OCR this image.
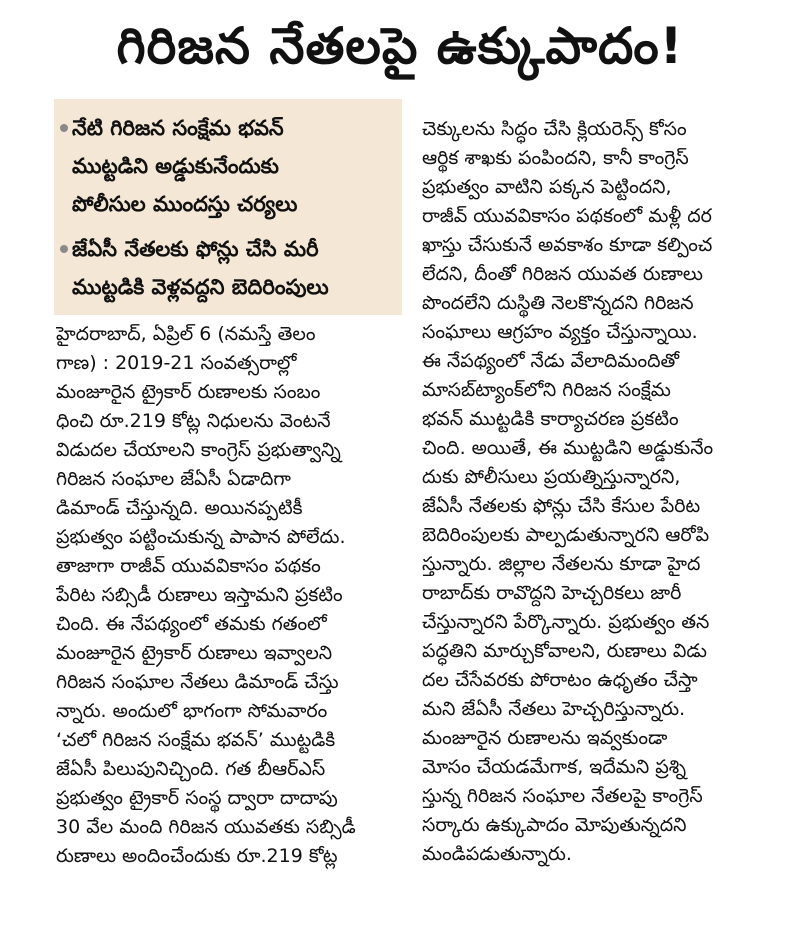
గిరిజన నేతలపై ఉక్కుపాదం!
నేటి గిరిజన సంక్షేమ భవన్
ముట్టడిని అడ్డుకునేందుకు
పోలీసుల ముందస్తు చర్యలు
జేఏసీ నేతలకు ఫోన్లు చేసి మరీ
ముట్టడికి వెళ్లవద్దని బెదిరింపులు
హైదరాబాద్, ఏప్రిల్ 6 (నమస్తే తెలం
గాణ) : 2019-21 సంవత్సరాల్లో
మంజూరైన ట్రైకార్ రుణాలకు సంబం
ధించి రూ.219 కోట్ల నిధులను వెంటనే
విడుదల చేయాలని కాంగ్రెస్ ప్రభుత్వాన్ని
గిరిజన సంఘాల జేఏసీ ఏడాదిగా
డిమాండ్ చేస్తున్నది. అయినప్పటికీ
ప్రభుత్వం పట్టించుకున్న పాపాన పోలేదు.
తాజాగా రాజీవ్ యువవికాసం పథకం
పేరిట సబ్సిడీ రుణాలు ఇస్తామని ప్రకటిం
చింది. ఈ నేపథ్యంలో తమకు గతంలో
మంజూరైన ట్రైకార్ రుణాలు ఇవ్వాలని
గిరిజన సంఘాల నేతలు డిమాండ్ చేస్తు
న్నారు. అందులో భాగంగా సోమవారం
‘చలో గిరిజన సంక్షేమ భవన్’ ముట్టడికి
జేఏసీ పిలుపునిచ్చింది. గత బీఆర్ఎస్
ప్రభుత్వం ట్రైకార్ సంస్థ ద్వారా దాదాపు
30 వేల మంది గిరిజన యువతకు సబ్సిడీ
రుణాలు అందించేందుకు రూ.219 కోట్ల
చెక్కులను సిద్ధం చేసి క్లియరెన్స్ కోసం
ఆర్థిక శాఖకు పంపిందని, కానీ కాంగ్రెస్
ప్రభుత్వం వాటిని పక్కన పెట్టిందని,
రాజీవ్ యువవికాసం పథకంలో మళ్లీ దర
ఖాస్తు చేసుకునే అవకాశం కూడా కల్పించ
లేదని, దీంతో గిరిజన యువత రుణాలు
పొందలేని దుస్థితి నెలకొన్నదని గిరిజన
సంఘాలు ఆగ్రహం వ్యక్తం చేస్తున్నాయి.
ఈ నేపథ్యంలో నేడు వేలాదిమందితో
మాసబ్‌ట్యాంక్‌లోని గిరిజన సంక్షేమ
భవన్ ముట్టడికి కార్యాచరణ ప్రకటిం
చింది. అయితే, ఈ ముట్టడిని అడ్డుకునేం
దుకు పోలీసులు ప్రయత్నిస్తున్నారని,
జేఏసీ నేతలకు ఫోన్లు చేసి కేసుల పేరిట
బెదిరింపులకు పాల్పడుతున్నారని ఆరోపి
స్తున్నారు. జిల్లాల నేతలను కూడా హైద
రాబాద్‌కు రావొద్దని హెచ్చరికలు జారీ
చేస్తున్నారని పేర్కొన్నారు. ప్రభుత్వం తన
పద్ధతిని మార్చుకోవాలని, రుణాలు విడు
దల చేసేవరకు పోరాటం ఉధృతం చేస్తా
మని జేఏసీ నేతలు హెచ్చరిస్తున్నారు.
మంజూరైన రుణాలను ఇవ్వకుండా
మోసం చేయడమేగాక, ఇదేమని ప్రశ్ని
స్తున్న గిరిజన సంఘాల నేతలపై కాంగ్రెస్
సర్కారు ఉక్కుపాదం మోపుతున్నదని
మండిపడుతున్నారు.
